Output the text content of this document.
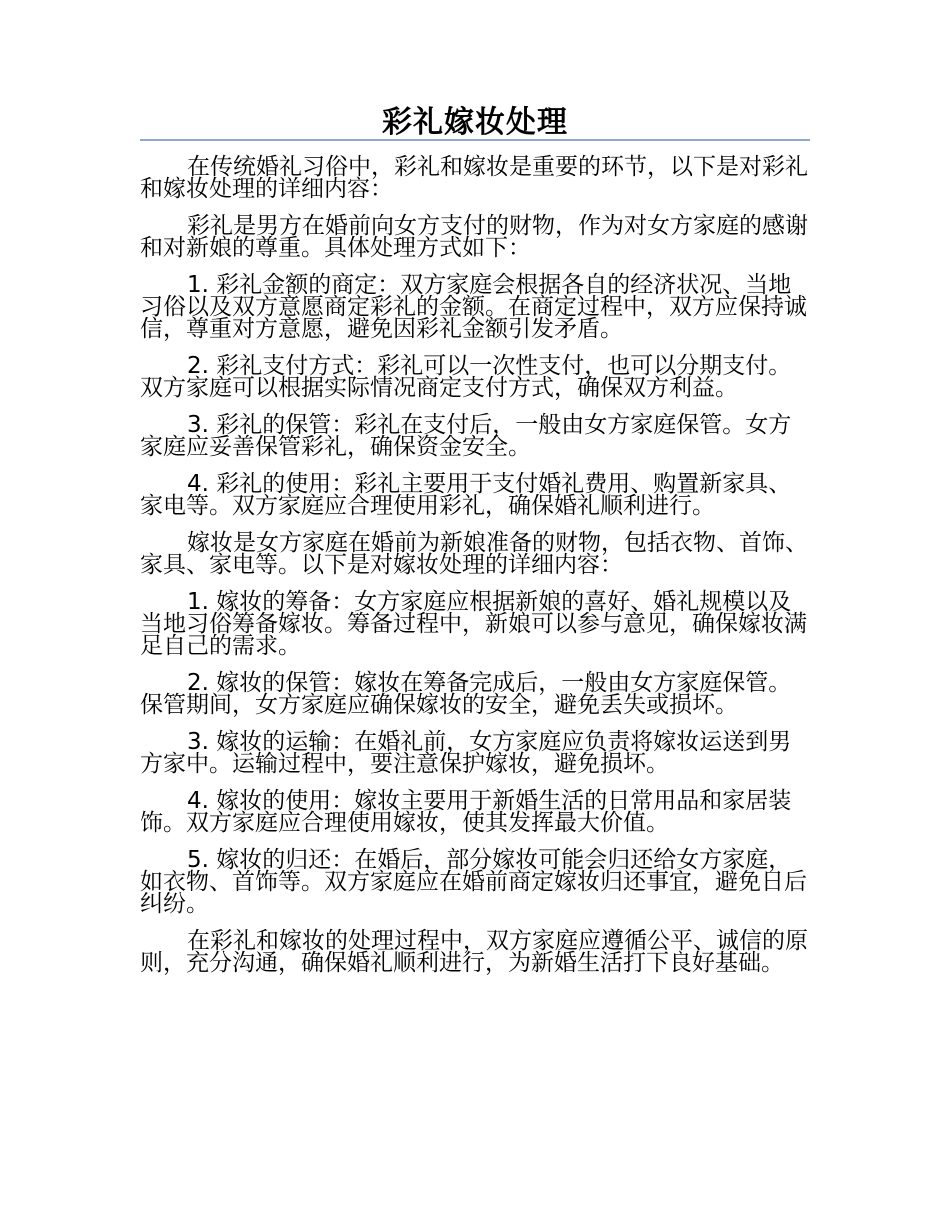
彩礼嫁妆处理

在传统婚礼习俗中，彩礼和嫁妆是重要的环节，以下是对彩礼和嫁妆处理的详细内容：

彩礼是男方在婚前向女方支付的财物，作为对女方家庭的感谢和对新娘的尊重。具体处理方式如下：

1. 彩礼金额的商定：双方家庭会根据各自的经济状况、当地习俗以及双方意愿商定彩礼的金额。在商定过程中，双方应保持诚信，尊重对方意愿，避免因彩礼金额引发矛盾。

2. 彩礼支付方式：彩礼可以一次性支付，也可以分期支付。双方家庭可以根据实际情况商定支付方式，确保双方利益。

3. 彩礼的保管：彩礼在支付后，一般由女方家庭保管。女方家庭应妥善保管彩礼，确保资金安全。

4. 彩礼的使用：彩礼主要用于支付婚礼费用、购置新家具、家电等。双方家庭应合理使用彩礼，确保婚礼顺利进行。

嫁妆是女方家庭在婚前为新娘准备的财物，包括衣物、首饰、家具、家电等。以下是对嫁妆处理的详细内容：

1. 嫁妆的筹备：女方家庭应根据新娘的喜好、婚礼规模以及当地习俗筹备嫁妆。筹备过程中，新娘可以参与意见，确保嫁妆满足自己的需求。

2. 嫁妆的保管：嫁妆在筹备完成后，一般由女方家庭保管。保管期间，女方家庭应确保嫁妆的安全，避免丢失或损坏。

3. 嫁妆的运输：在婚礼前，女方家庭应负责将嫁妆运送到男方家中。运输过程中，要注意保护嫁妆，避免损坏。

4. 嫁妆的使用：嫁妆主要用于新婚生活的日常用品和家居装饰。双方家庭应合理使用嫁妆，使其发挥最大价值。

5. 嫁妆的归还：在婚后，部分嫁妆可能会归还给女方家庭，如衣物、首饰等。双方家庭应在婚前商定嫁妆归还事宜，避免日后纠纷。

在彩礼和嫁妆的处理过程中，双方家庭应遵循公平、诚信的原则，充分沟通，确保婚礼顺利进行，为新婚生活打下良好基础。
